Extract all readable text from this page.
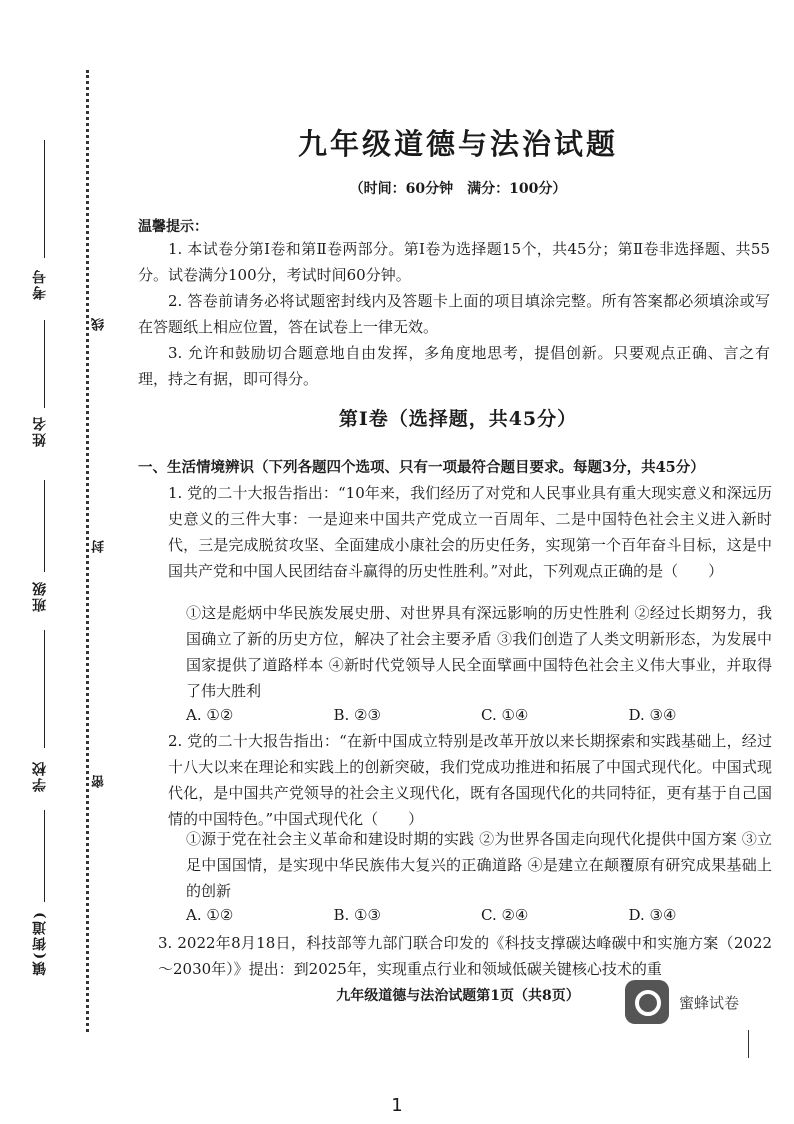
考号
姓名
班级
学校
镇(街道)
线
封
密
九年级道德与法治试题
（时间：60分钟　满分：100分）
温馨提示：
1. 本试卷分第Ⅰ卷和第Ⅱ卷两部分。第Ⅰ卷为选择题15个，共45分；第Ⅱ卷非选择题、共55分。试卷满分100分，考试时间60分钟。
2. 答卷前请务必将试题密封线内及答题卡上面的项目填涂完整。所有答案都必须填涂或写在答题纸上相应位置，答在试卷上一律无效。
3. 允许和鼓励切合题意地自由发挥，多角度地思考，提倡创新。只要观点正确、言之有理，持之有据，即可得分。
第Ⅰ卷（选择题，共45分）
一、生活情境辨识（下列各题四个选项、只有一项最符合题目要求。每题3分，共45分）
1. 党的二十大报告指出：“10年来，我们经历了对党和人民事业具有重大现实意义和深远历史意义的三件大事：一是迎来中国共产党成立一百周年、二是中国特色社会主义进入新时代，三是完成脱贫攻坚、全面建成小康社会的历史任务，实现第一个百年奋斗目标，这是中国共产党和中国人民团结奋斗赢得的历史性胜利。”对此，下列观点正确的是（　　）
①这是彪炳中华民族发展史册、对世界具有深远影响的历史性胜利 ②经过长期努力，我国确立了新的历史方位，解决了社会主要矛盾 ③我们创造了人类文明新形态，为发展中国家提供了道路样本 ④新时代党领导人民全面擘画中国特色社会主义伟大事业，并取得了伟大胜利
A. ①②	B. ②③	C. ①④	D. ③④
2. 党的二十大报告指出：“在新中国成立特别是改革开放以来长期探索和实践基础上，经过十八大以来在理论和实践上的创新突破，我们党成功推进和拓展了中国式现代化。中国式现代化，是中国共产党领导的社会主义现代化，既有各国现代化的共同特征，更有基于自己国情的中国特色。”中国式现代化（　　）
①源于党在社会主义革命和建设时期的实践 ②为世界各国走向现代化提供中国方案 ③立足中国国情，是实现中华民族伟大复兴的正确道路 ④是建立在颠覆原有研究成果基础上的创新
A. ①②	B. ①③	C. ②④	D. ③④
3. 2022年8月18日，科技部等九部门联合印发的《科技支撑碳达峰碳中和实施方案（2022～2030年）》提出：到2025年，实现重点行业和领域低碳关键核心技术的重
九年级道德与法治试题第1页（共8页）	蜜蜂试卷
1
